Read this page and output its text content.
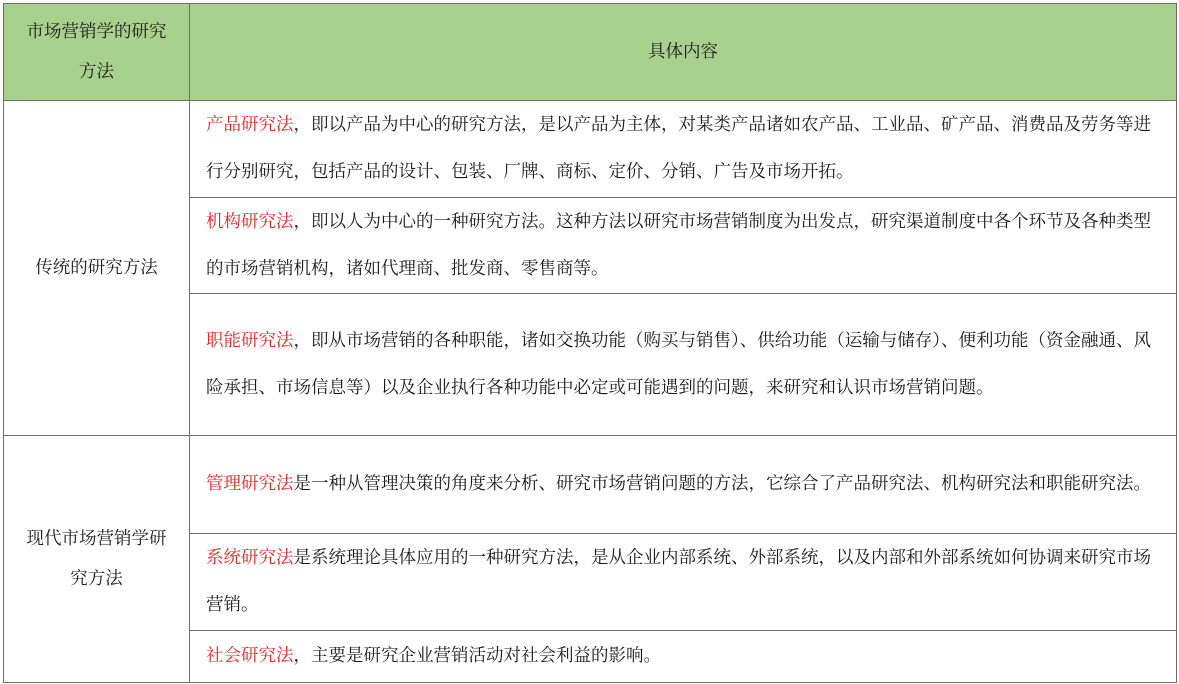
市场营销学的研究方法	具体内容
传统的研究方法	产品研究法，即以产品为中心的研究方法，是以产品为主体，对某类产品诸如农产品、工业品、矿产品、消费品及劳务等进行分别研究，包括产品的设计、包装、厂牌、商标、定价、分销、广告及市场开拓。
	机构研究法，即以人为中心的一种研究方法。这种方法以研究市场营销制度为出发点，研究渠道制度中各个环节及各种类型的市场营销机构，诸如代理商、批发商、零售商等。
	职能研究法，即从市场营销的各种职能，诸如交换功能（购买与销售）、供给功能（运输与储存）、便利功能（资金融通、风险承担、市场信息等）以及企业执行各种功能中必定或可能遇到的问题，来研究和认识市场营销问题。
现代市场营销学研究方法	管理研究法是一种从管理决策的角度来分析、研究市场营销问题的方法，它综合了产品研究法、机构研究法和职能研究法。
	系统研究法是系统理论具体应用的一种研究方法，是从企业内部系统、外部系统，以及内部和外部系统如何协调来研究市场营销。
	社会研究法，主要是研究企业营销活动对社会利益的影响。
